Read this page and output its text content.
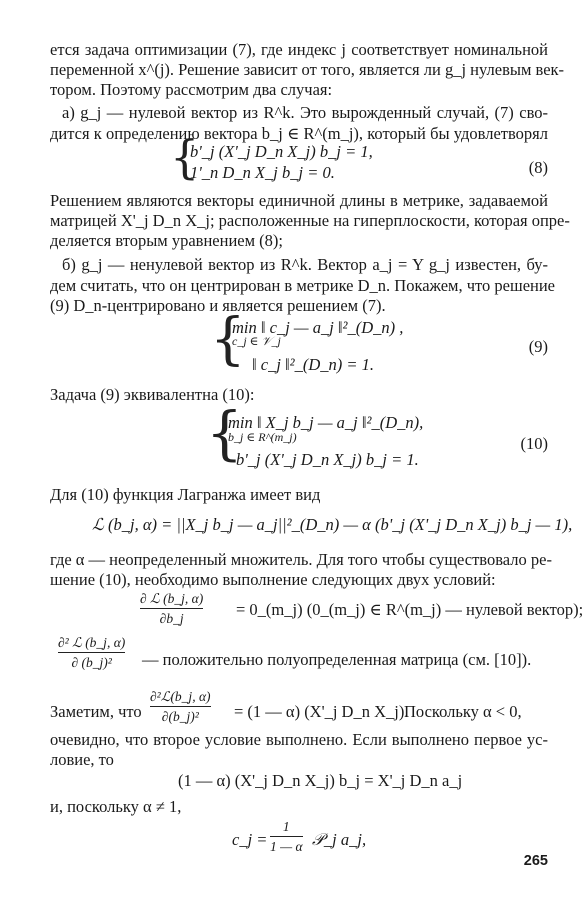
ется задача оптимизации (7), где индекс j соответствует номинальной
переменной x^(j). Решение зависит от того, является ли g_j нулевым век-
тором. Поэтому рассмотрим два случая:
а) g_j — нулевой вектор из R^k. Это вырожденный случай, (7) сво-
дится к определению вектора b_j ∈ R^(m_j), который бы удовлетворял
{
b'_j (X'_j D_n X_j) b_j = 1,
1'_n D_n X_j b_j = 0.	(8)
Решением являются векторы единичной длины в метрике, задаваемой
матрицей X'_j D_n X_j; расположенные на гиперплоскости, которая опре-
деляется вторым уравнением (8);
б) g_j — ненулевой вектор из R^k. Вектор a_j = Y g_j известен, бу-
дем считать, что он центрирован в метрике D_n. Покажем, что решение
(9) D_n-центрировано и является решением (7).
{
min ‖ c_j — a_j ‖²_(D_n) ,
c_j ∈ 𝒱_j
‖ c_j ‖²_(D_n) = 1.
(9)
Задача (9) эквивалентна (10):
{
min ‖ X_j b_j — a_j ‖²_(D_n),
b_j ∈ R^(m_j)
b'_j (X'_j D_n X_j) b_j = 1.
(10)
Для (10) функция Лагранжа имеет вид
ℒ (b_j, α) = ||X_j b_j — a_j||²_(D_n) — α (b'_j (X'_j D_n X_j) b_j — 1),
где α — неопределенный множитель. Для того чтобы существовало ре-
шение (10), необходимо выполнение следующих двух условий:
∂ ℒ (b_j, α)
∂b_j	= 0_(m_j) (0_(m_j) ∈ R^(m_j) — нулевой вектор);
∂² ℒ (b_j, α)
∂ (b_j)² — положительно полуопределенная матрица (см. [10]).
Заметим, что
∂²ℒ(b_j, α)
∂(b_j)² = (1 — α) (X'_j D_n X_j).
Поскольку α < 0,
очевидно, что второе условие выполнено. Если выполнено первое ус-
ловие, то
(1 — α) (X'_j D_n X_j) b_j = X'_j D_n a_j
и, поскольку α ≠ 1,
c_j =
1
1 — α 𝒫_j a_j,
265
